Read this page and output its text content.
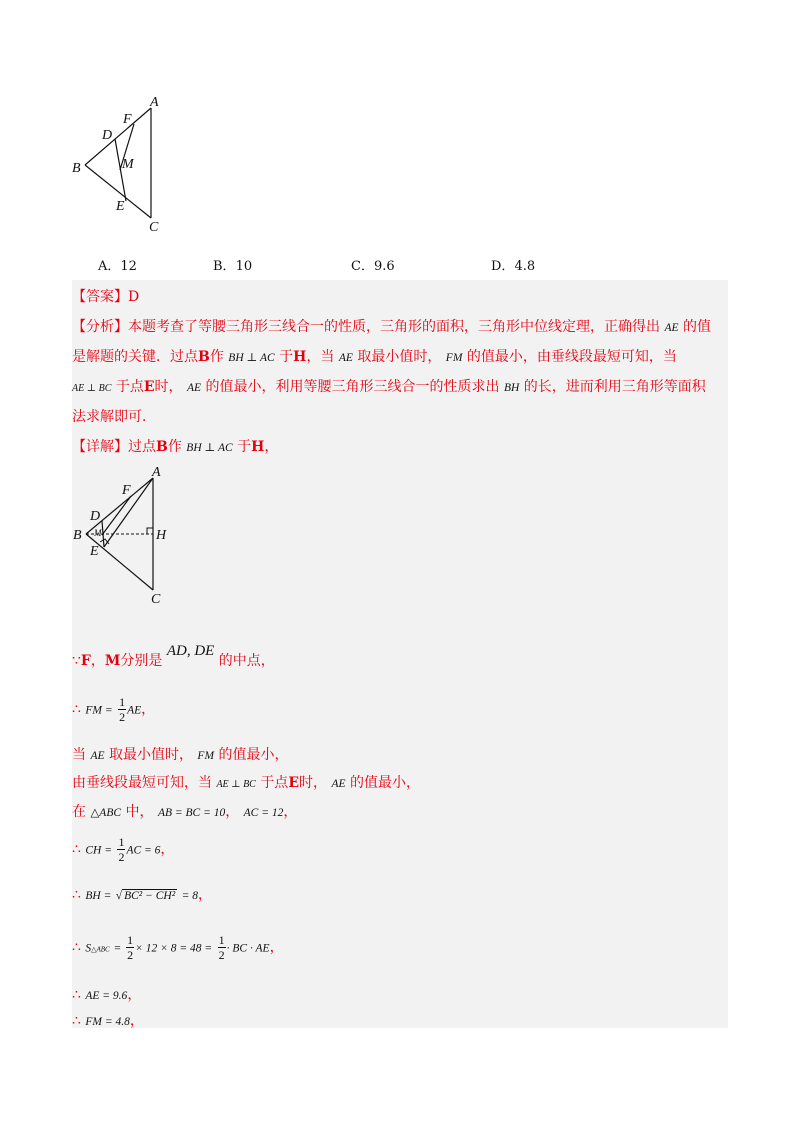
A
F
D
M
B
E
C
A．12	B．10	C．9.6	D．4.8
【答案】D
【分析】本题考查了等腰三角形三线合一的性质，三角形的面积，三角形中位线定理，正确得出 AE 的值
是解题的关键．过点B作 BH ⊥ AC 于H，当 AE 取最小值时， FM 的值最小，由垂线段最短可知，当
AE ⊥ BC 于点E时， AE 的值最小，利用等腰三角形三线合一的性质求出 BH 的长，进而利用三角形等面积
法求解即可．
【详解】过点B作 BH ⊥ AC 于H，
A
F
D
M
B	H
E
C
∵F，M分别是 AD, DE 的中点，
∴ FM = $\frac{1}{2}$ AE，
当 AE 取最小值时， FM 的值最小，
由垂线段最短可知，当 AE ⊥ BC 于点E时， AE 的值最小，
在 △ABC 中， AB = BC = 10， AC = 12，
∴ CH = $\frac{1}{2}$ AC = 6，
∴ BH = √ BC² − CH² = 8，
∴ S△ABC = $\frac{1}{2} \times 12 \times 8 = 48 = \frac{1}{2}$ · BC · AE，
∴ AE = 9.6，
∴ FM = 4.8，
